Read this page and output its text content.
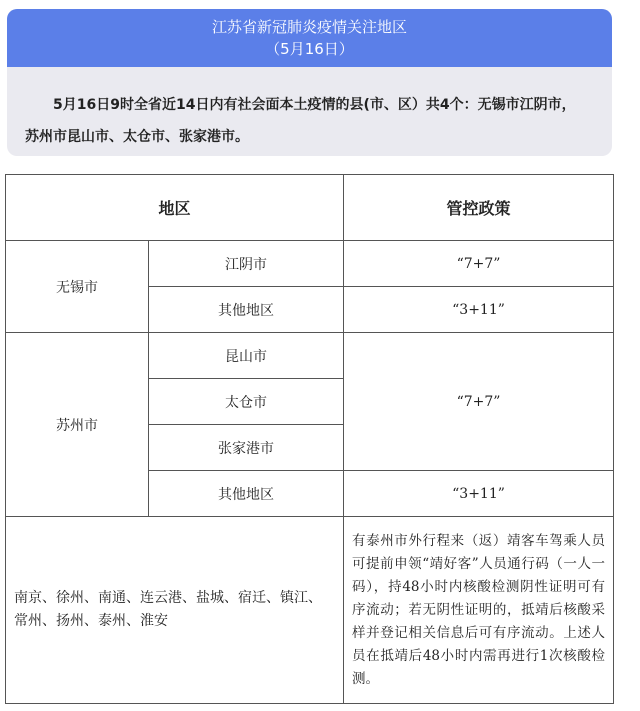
江苏省新冠肺炎疫情关注地区
（5月16日）
5月16日9时全省近14日内有社会面本土疫情的县(市、区）共4个：无锡市江阴市，
苏州市昆山市、太仓市、张家港市。
地区		管控政策
无锡市	江阴市	“7+7”
	其他地区	“3+11”
苏州市	昆山市	“7+7”
	太仓市	
	张家港市	
	其他地区	“3+11”
南京、徐州、南通、连云港、盐城、宿迁、镇江、常州、扬州、泰州、淮安		有泰州市外行程来（返）靖客车驾乘人员可提前申领“靖好客”人员通行码（一人一码），持48小时内核酸检测阴性证明可有序流动；若无阴性证明的，抵靖后核酸采样并登记相关信息后可有序流动。上述人员在抵靖后48小时内需再进行1次核酸检测。
